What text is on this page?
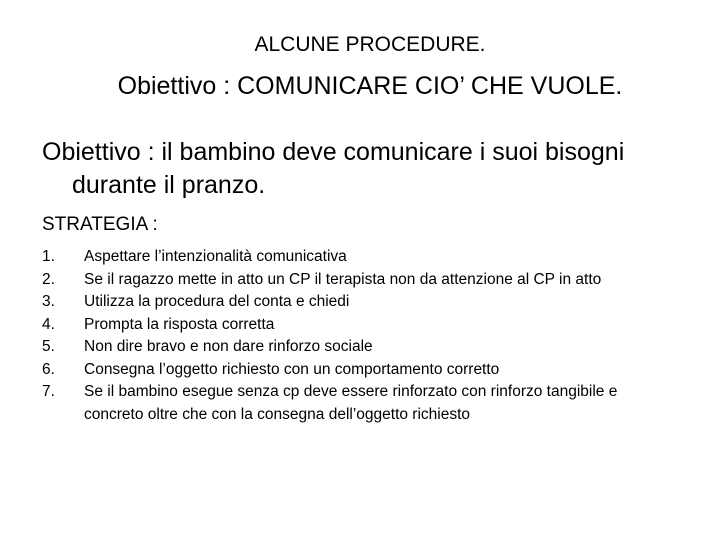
ALCUNE PROCEDURE.
Obiettivo : COMUNICARE CIO’ CHE VUOLE.
Obiettivo : il bambino deve comunicare i suoi bisogni durante il pranzo.
STRATEGIA :
1.	Aspettare l’intenzionalità comunicativa
2.	Se il ragazzo mette in atto un CP il terapista non da attenzione al CP in atto
3.	Utilizza la procedura del conta e chiedi
4.	Prompta la risposta corretta
5.	Non dire bravo e non dare rinforzo sociale
6.	Consegna l’oggetto richiesto con un comportamento corretto
7.	Se il bambino esegue senza cp deve essere rinforzato con rinforzo tangibile e concreto oltre che con la consegna dell’oggetto richiesto
